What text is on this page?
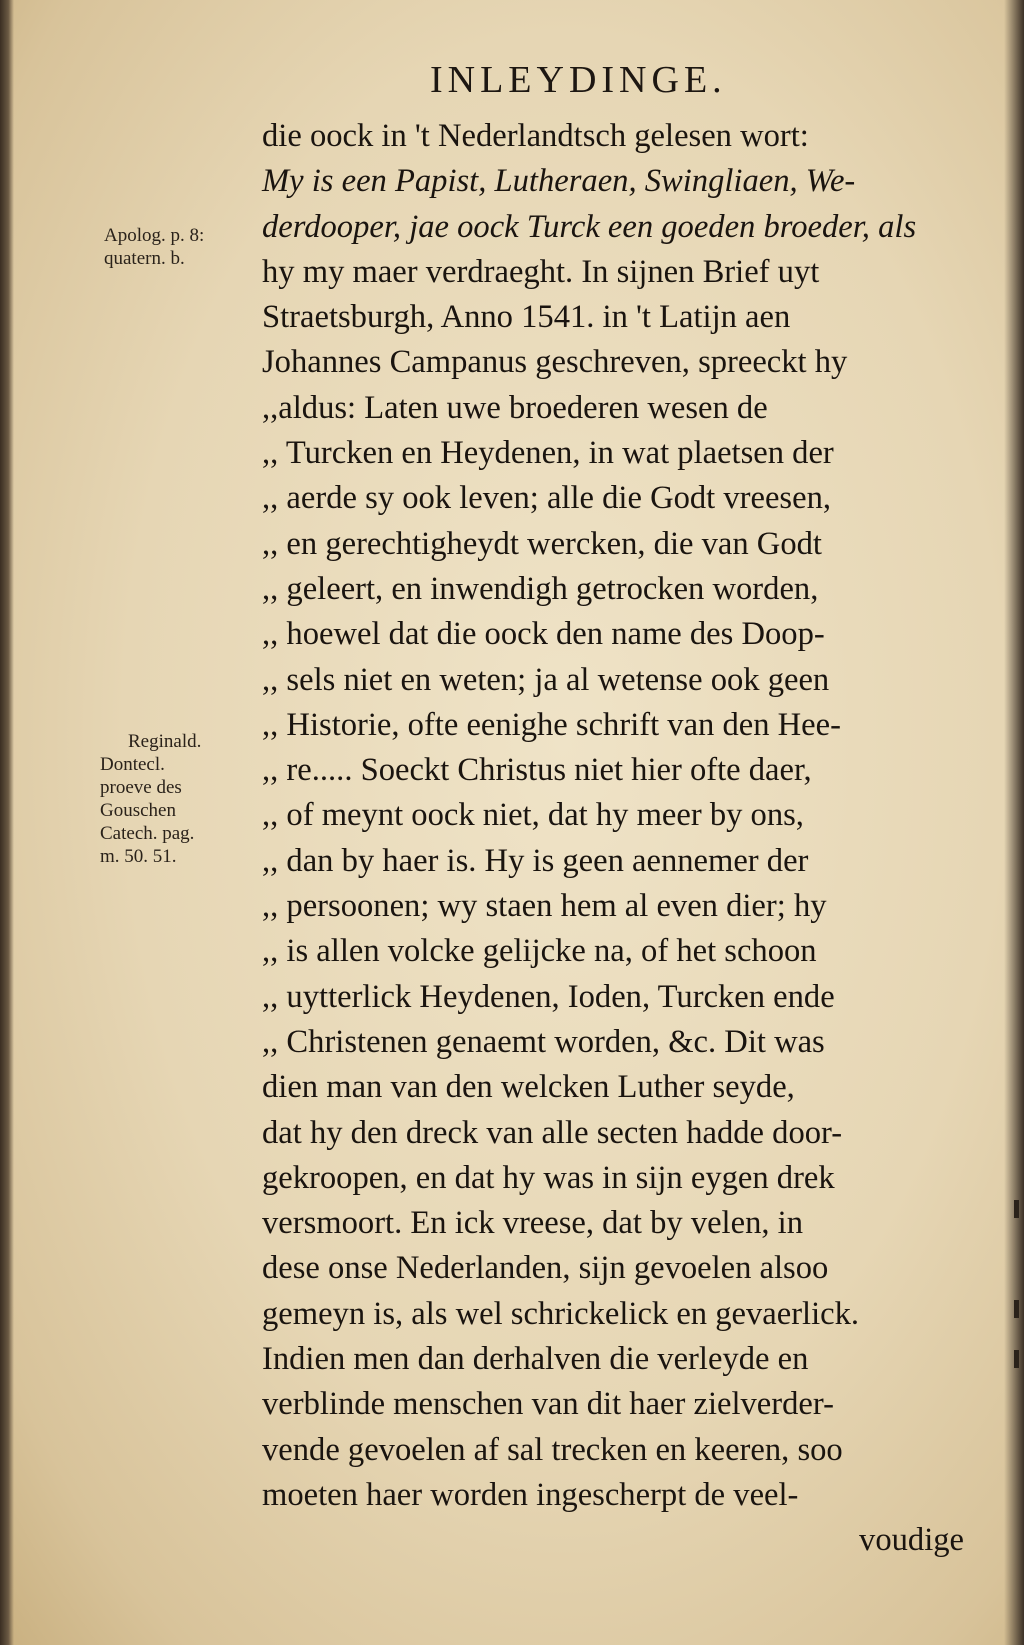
INLEYDINGE.
Apolog. p. 8:
quatern. b.
Reginald.
Dontecl.
proeve des
Gouschen
Catech. pag.
m. 50. 51.
die oock in 't Nederlandtsch gelesen wort:
My is een Papist, Lutheraen, Swingliaen, We-
derdooper, jae oock Turck een goeden broeder, als
hy my maer verdraeght. In sijnen Brief uyt
Straetsburgh, Anno 1541. in 't Latijn aen
Johannes Campanus geschreven, spreeckt hy
,,aldus: Laten uwe broederen wesen de
,, Turcken en Heydenen, in wat plaetsen der
,, aerde sy ook leven; alle die Godt vreesen,
,, en gerechtigheydt wercken, die van Godt
,, geleert, en inwendigh getrocken worden,
,, hoewel dat die oock den name des Doop-
,, sels niet en weten; ja al wetense ook geen
,, Historie, ofte eenighe schrift van den Hee-
,, re..... Soeckt Christus niet hier ofte daer,
,, of meynt oock niet, dat hy meer by ons,
,, dan by haer is. Hy is geen aennemer der
,, persoonen; wy staen hem al even dier; hy
,, is allen volcke gelijcke na, of het schoon
,, uytterlick Heydenen, Ioden, Turcken ende
,, Christenen genaemt worden, &c. Dit was
dien man van den welcken Luther seyde,
dat hy den dreck van alle secten hadde door-
gekroopen, en dat hy was in sijn eygen drek
versmoort. En ick vreese, dat by velen, in
dese onse Nederlanden, sijn gevoelen alsoo
gemeyn is, als wel schrickelick en gevaerlick.
Indien men dan derhalven die verleyde en
verblinde menschen van dit haer zielverder-
vende gevoelen af sal trecken en keeren, soo
moeten haer worden ingescherpt de veel-
voudige
